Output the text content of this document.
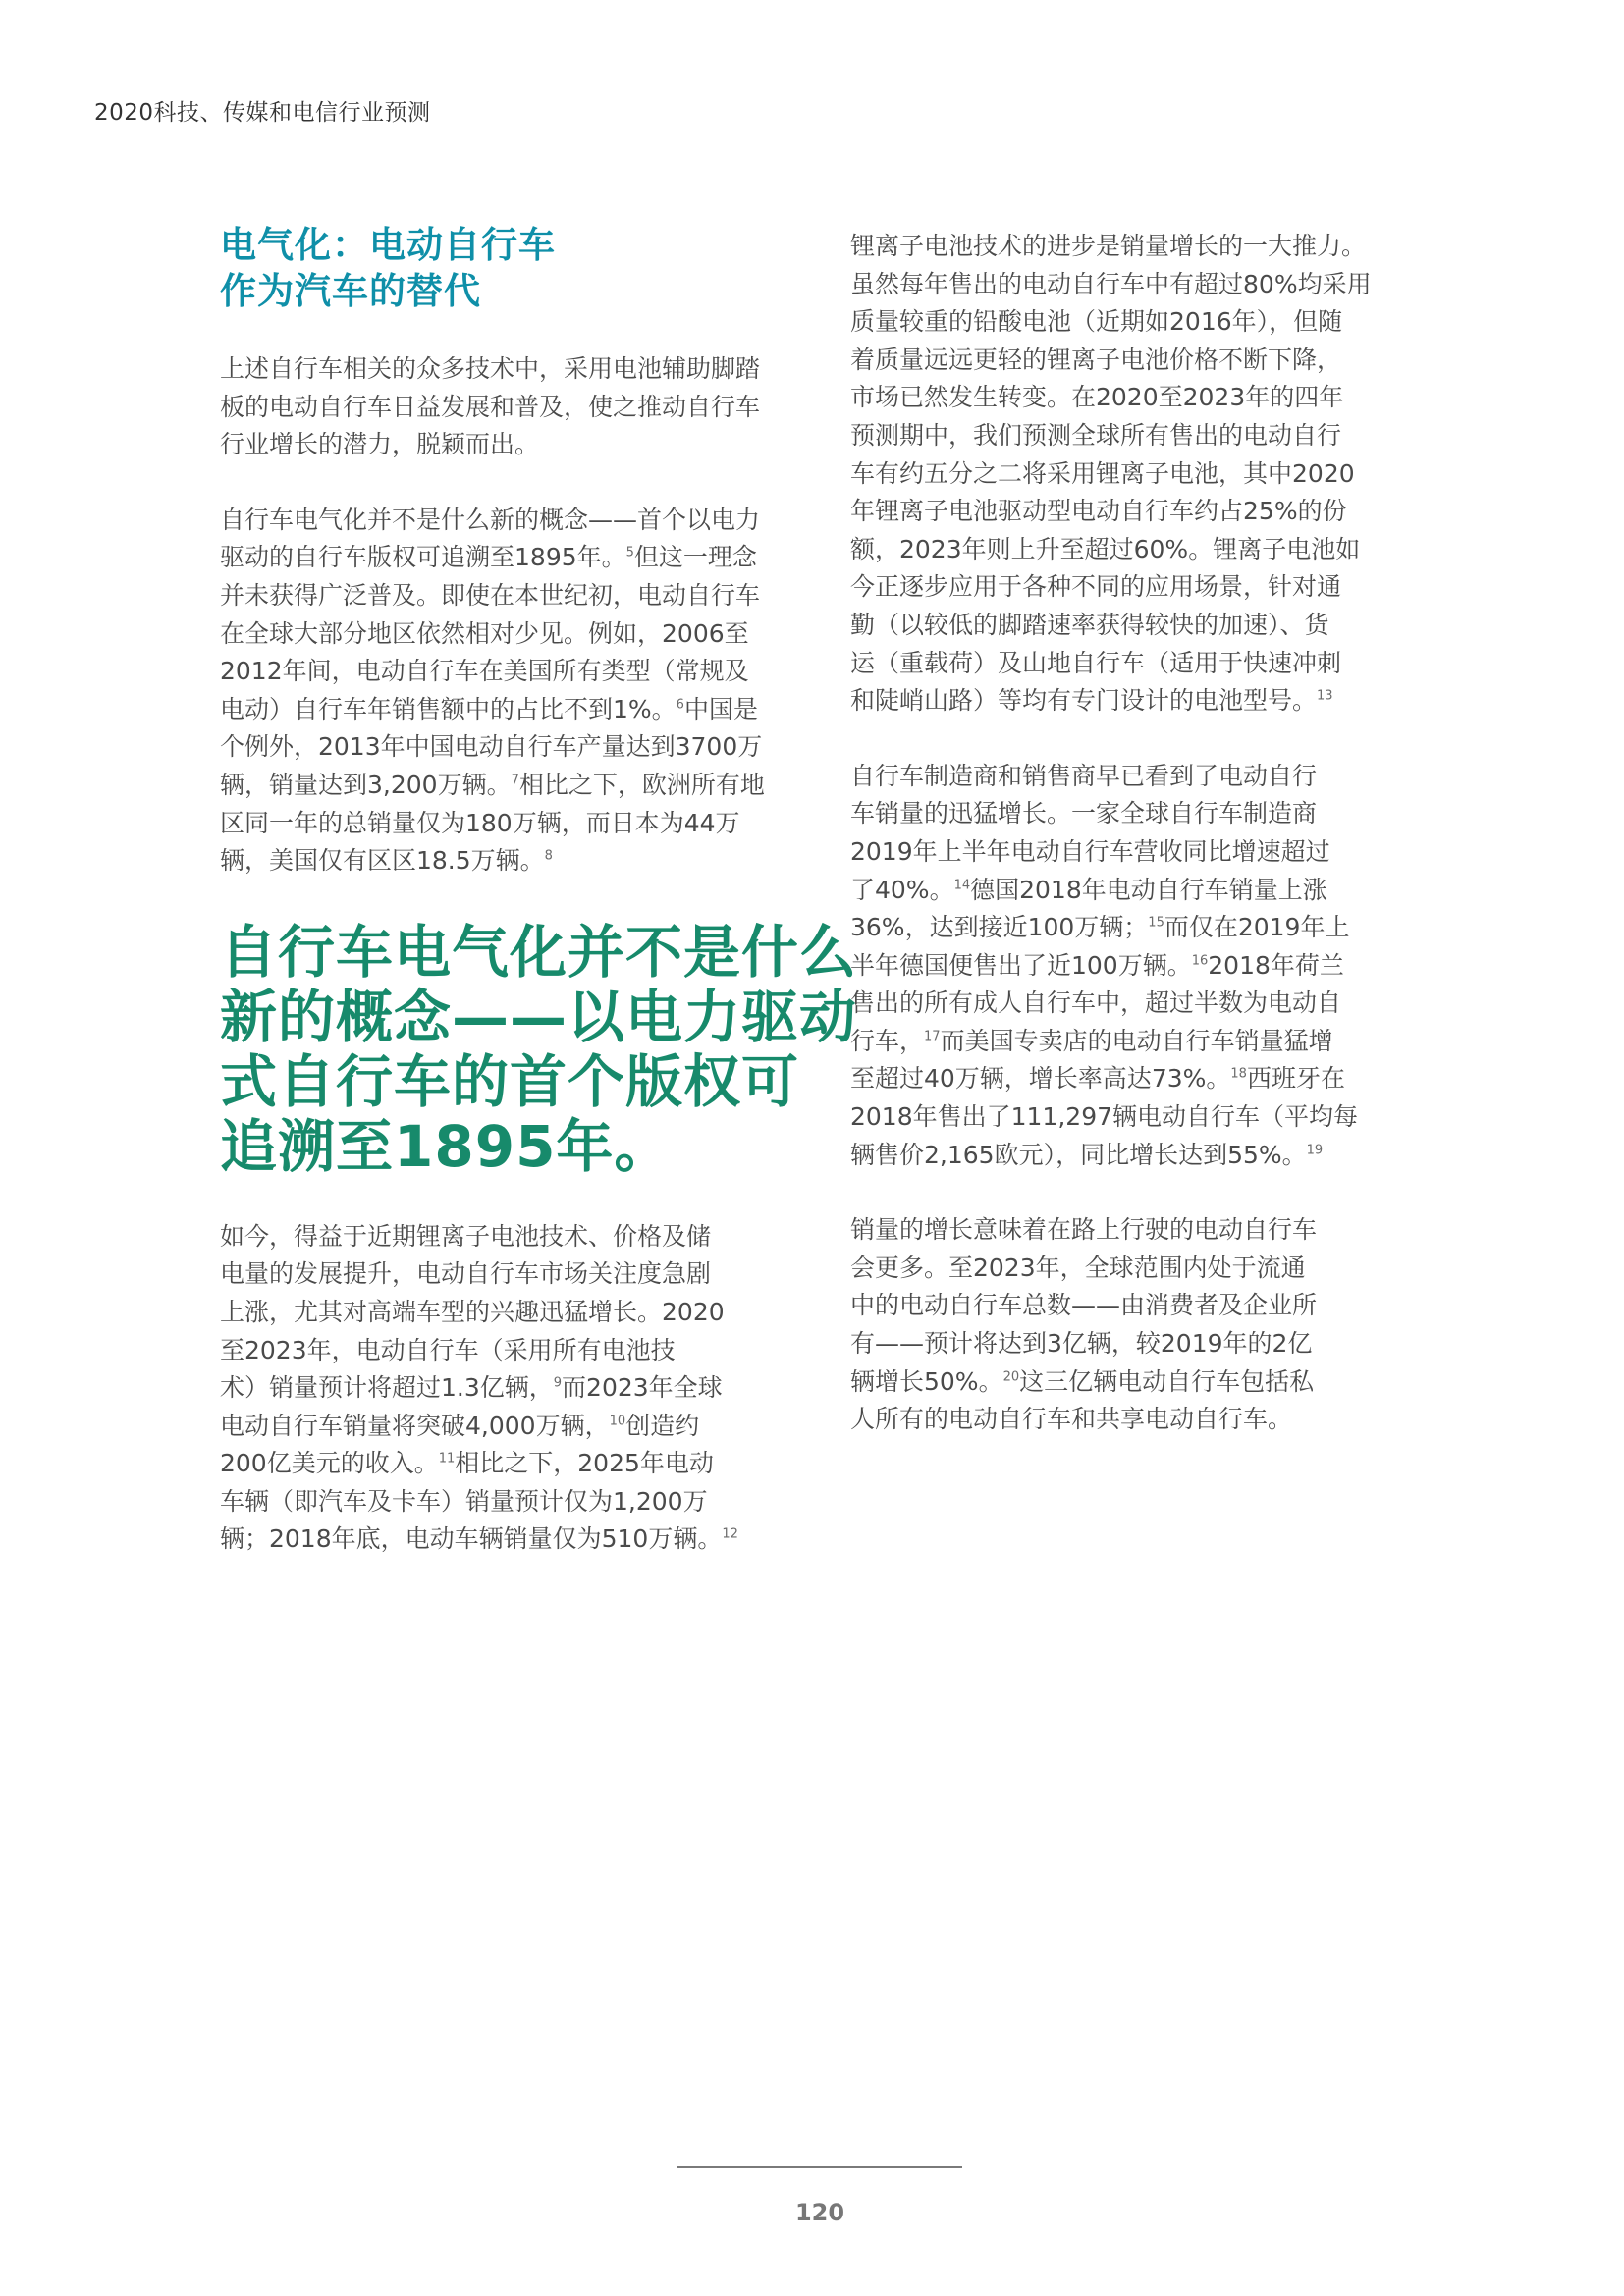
2020科技、传媒和电信行业预测
电气化：电动自行车
作为汽车的替代
上述自行车相关的众多技术中，采用电池辅助脚踏
板的电动自行车日益发展和普及，使之推动自行车
行业增长的潜力，脱颖而出。
自行车电气化并不是什么新的概念——首个以电力
驱动的自行车版权可追溯至1895年。$^5$但这一理念
并未获得广泛普及。即使在本世纪初，电动自行车
在全球大部分地区依然相对少见。例如，2006至
2012年间，电动自行车在美国所有类型（常规及
电动）自行车年销售额中的占比不到1%。$^6$中国是
个例外，2013年中国电动自行车产量达到3700万
辆，销量达到3,200万辆。$^7$相比之下，欧洲所有地
区同一年的总销量仅为180万辆，而日本为44万
辆，美国仅有区区18.5万辆。$^8$
自行车电气化并不是什么
新的概念——以电力驱动
式自行车的首个版权可
追溯至1895年。
如今，得益于近期锂离子电池技术、价格及储
电量的发展提升，电动自行车市场关注度急剧
上涨，尤其对高端车型的兴趣迅猛增长。2020
至2023年，电动自行车（采用所有电池技
术）销量预计将超过1.3亿辆，$^9$而2023年全球
电动自行车销量将突破4,000万辆，$^{10}$创造约
200亿美元的收入。$^{11}$相比之下，2025年电动
车辆（即汽车及卡车）销量预计仅为1,200万
辆；2018年底，电动车辆销量仅为510万辆。$^{12}$
锂离子电池技术的进步是销量增长的一大推力。
虽然每年售出的电动自行车中有超过80%均采用
质量较重的铅酸电池（近期如2016年），但随
着质量远远更轻的锂离子电池价格不断下降，
市场已然发生转变。在2020至2023年的四年
预测期中，我们预测全球所有售出的电动自行
车有约五分之二将采用锂离子电池，其中2020
年锂离子电池驱动型电动自行车约占25%的份
额，2023年则上升至超过60%。锂离子电池如
今正逐步应用于各种不同的应用场景，针对通
勤（以较低的脚踏速率获得较快的加速）、货
运（重载荷）及山地自行车（适用于快速冲刺
和陡峭山路）等均有专门设计的电池型号。$^{13}$
自行车制造商和销售商早已看到了电动自行
车销量的迅猛增长。一家全球自行车制造商
2019年上半年电动自行车营收同比增速超过
了40%。$^{14}$德国2018年电动自行车销量上涨
36%，达到接近100万辆；$^{15}$而仅在2019年上
半年德国便售出了近100万辆。$^{16}$2018年荷兰
售出的所有成人自行车中，超过半数为电动自
行车，$^{17}$而美国专卖店的电动自行车销量猛增
至超过40万辆，增长率高达73%。$^{18}$西班牙在
2018年售出了111,297辆电动自行车（平均每
辆售价2,165欧元），同比增长达到55%。$^{19}$
销量的增长意味着在路上行驶的电动自行车
会更多。至2023年，全球范围内处于流通
中的电动自行车总数——由消费者及企业所
有——预计将达到3亿辆，较2019年的2亿
辆增长50%。$^{20}$这三亿辆电动自行车包括私
人所有的电动自行车和共享电动自行车。
120
